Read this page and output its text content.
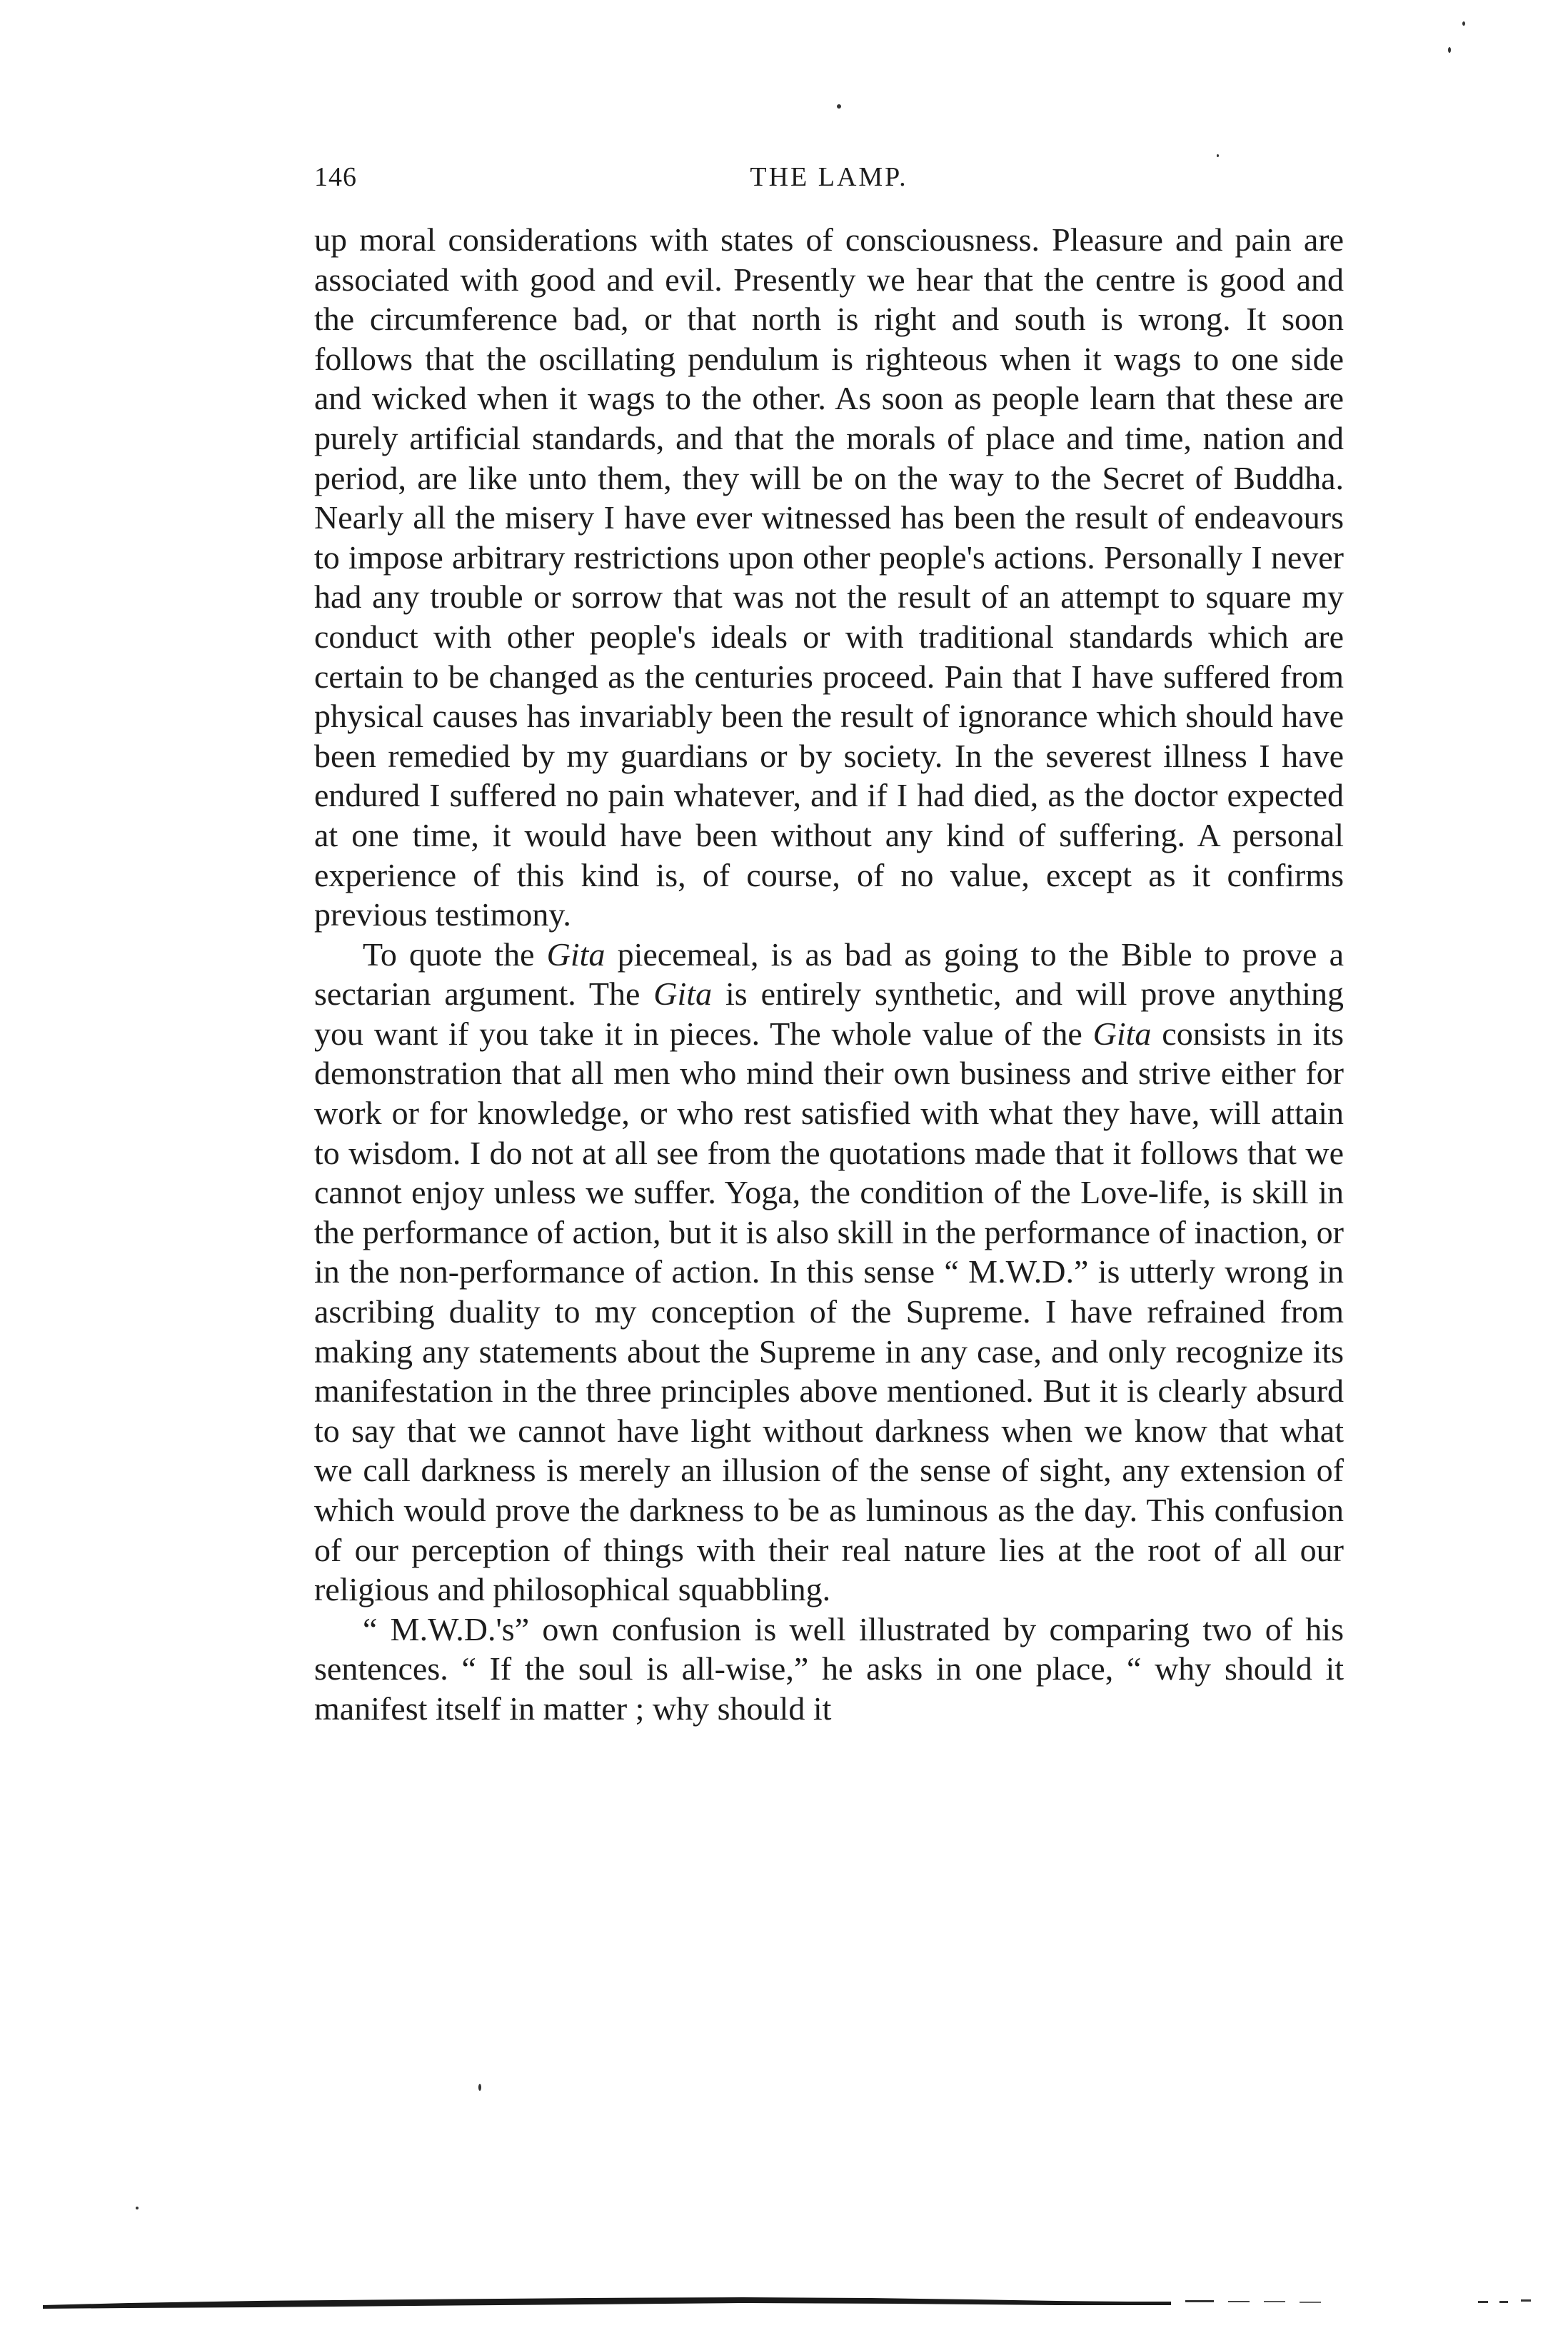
146	THE LAMP.

up moral considerations with states of consciousness. Pleasure and pain are associated with good and evil. Presently we hear that the centre is good and the circumference bad, or that north is right and south is wrong. It soon follows that the oscillating pendulum is righteous when it wags to one side and wicked when it wags to the other. As soon as people learn that these are purely artificial standards, and that the morals of place and time, nation and period, are like unto them, they will be on the way to the Secret of Buddha. Nearly all the misery I have ever witnessed has been the result of endeavours to impose arbitrary restrictions upon other people's actions. Personally I never had any trouble or sorrow that was not the result of an attempt to square my conduct with other people's ideals or with traditional standards which are certain to be changed as the centuries proceed. Pain that I have suffered from physical causes has invariably been the result of ignorance which should have been remedied by my guardians or by society. In the severest illness I have endured I suffered no pain whatever, and if I had died, as the doctor expected at one time, it would have been without any kind of suffering. A personal experience of this kind is, of course, of no value, except as it confirms previous testimony.

To quote the Gita piecemeal, is as bad as going to the Bible to prove a sectarian argument. The Gita is entirely synthetic, and will prove anything you want if you take it in pieces. The whole value of the Gita consists in its demonstration that all men who mind their own business and strive either for work or for knowledge, or who rest satisfied with what they have, will attain to wisdom. I do not at all see from the quotations made that it follows that we cannot enjoy unless we suffer. Yoga, the condition of the Love-life, is skill in the performance of action, but it is also skill in the performance of inaction, or in the non-performance of action. In this sense “ M.W.D.” is utterly wrong in ascribing duality to my conception of the Supreme. I have refrained from making any statements about the Supreme in any case, and only recognize its manifestation in the three principles above mentioned. But it is clearly absurd to say that we cannot have light without darkness when we know that what we call darkness is merely an illusion of the sense of sight, any extension of which would prove the darkness to be as luminous as the day. This confusion of our perception of things with their real nature lies at the root of all our religious and philosophical squabbling.

“ M.W.D.'s” own confusion is well illustrated by comparing two of his sentences. “ If the soul is all-wise,” he asks in one place, “ why should it manifest itself in matter ; why should it
